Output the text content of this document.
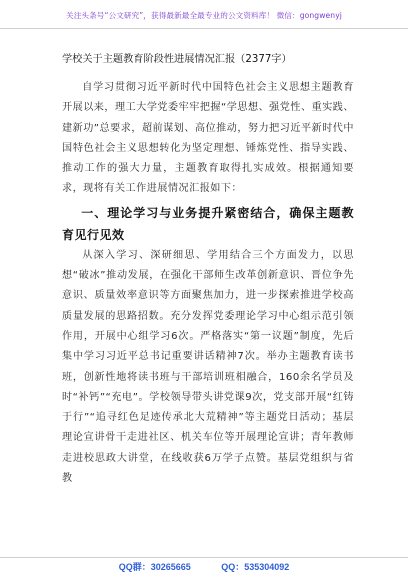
关注头条号“公文研究”，获得最新最全最专业的公文资料库！ 微信：gongwenyj
学校关于主题教育阶段性进展情况汇报（2377字）

自学习贯彻习近平新时代中国特色社会主义思想主题教育开展以来，理工大学党委牢牢把握“学思想、强党性、重实践、建新功”总要求，超前谋划、高位推动，努力把习近平新时代中国特色社会主义思想转化为坚定理想、锤炼党性、指导实践、推动工作的强大力量，主题教育取得扎实成效。根据通知要求，现将有关工作进展情况汇报如下：

一、理论学习与业务提升紧密结合，确保主题教育见行见效

从深入学习、深研细思、学用结合三个方面发力，以思想“破冰”推动发展，在强化干部师生改革创新意识、晋位争先意识、质量效率意识等方面聚焦加力，进一步探索推进学校高质量发展的思路招数。充分发挥党委理论学习中心组示范引领作用，开展中心组学习6次。严格落实“第一议题”制度，先后集中学习习近平总书记重要讲话精神7次。举办主题教育读书班，创新性地将读书班与干部培训班相融合，160余名学员及时“补钙”“充电”。学校领导带头讲党课9次，党支部开展“红铸于行”“追寻红色足迹传承北大荒精神”等主题党日活动；基层理论宣讲骨干走进社区、机关车位等开展理论宣讲；青年教师走进校思政大讲堂，在线收获6万学子点赞。基层党组织与省教

QQ群：30265665	QQ：535304092
